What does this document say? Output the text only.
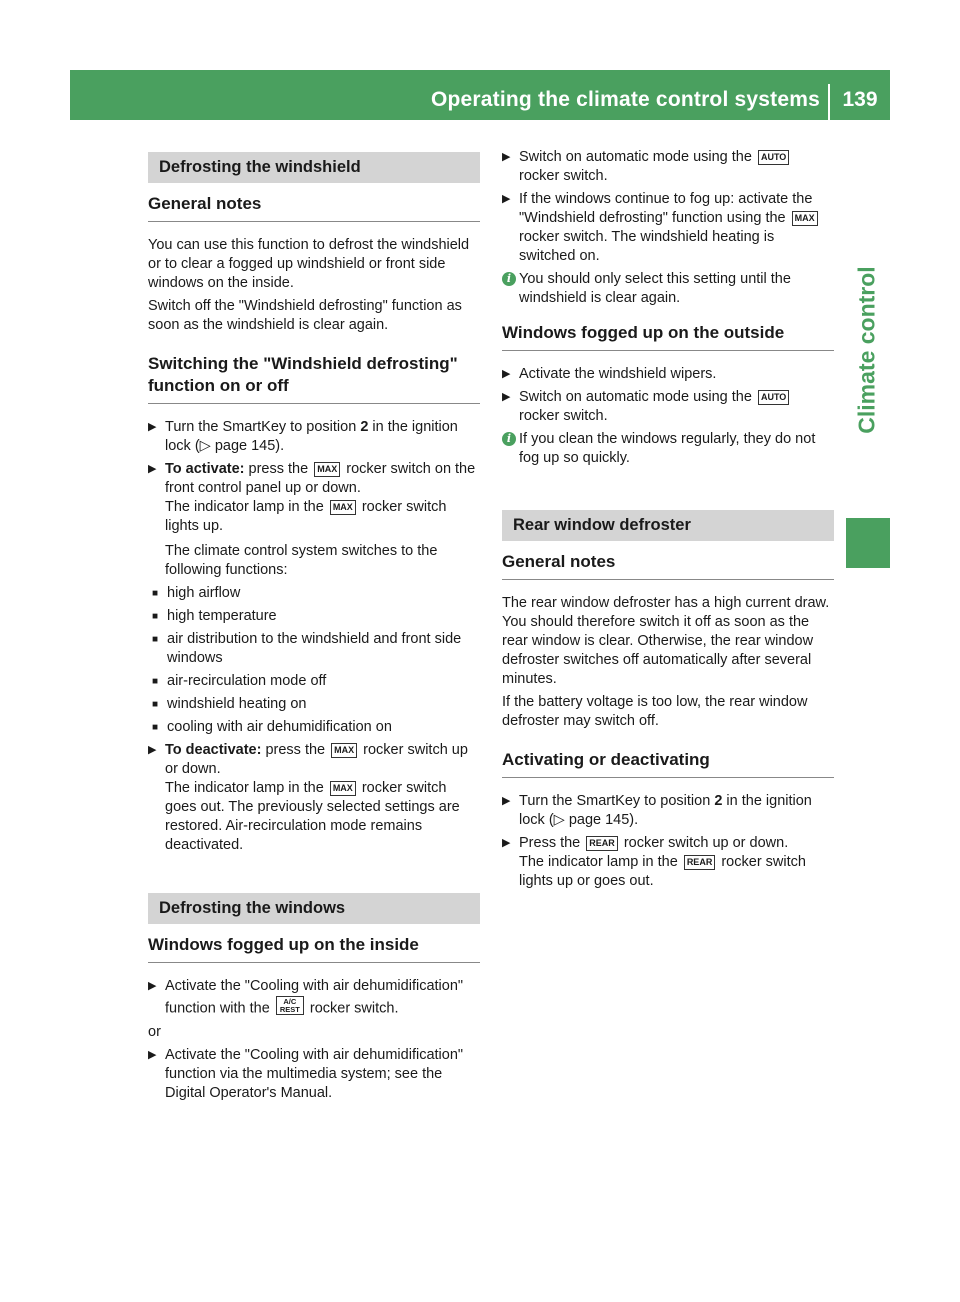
Operating the climate control systems	139
Climate control
Defrosting the windshield
General notes

You can use this function to defrost the windshield or to clear a fogged up windshield or front side windows on the inside.

Switch off the "Windshield defrosting" function as soon as the windshield is clear again.

Switching the "Windshield defrosting" function on or off
▶ Turn the SmartKey to position 2 in the ignition lock (▷ page 145).
▶ To activate: press the MAX rocker switch on the front control panel up or down.
The indicator lamp in the MAX rocker switch lights up.
The climate control system switches to the following functions:
■ high airflow
■ high temperature
■ air distribution to the windshield and front side windows
■ air-recirculation mode off
■ windshield heating on
■ cooling with air dehumidification on
▶ To deactivate: press the MAX rocker switch up or down.
The indicator lamp in the MAX rocker switch goes out. The previously selected settings are restored. Air-recirculation mode remains deactivated.
Defrosting the windows
Windows fogged up on the inside
▶ Activate the "Cooling with air dehumidification" function with the A/C
REST rocker switch.

or

▶ Activate the "Cooling with air dehumidification" function via the multimedia system; see the Digital Operator's Manual.
▶ Switch on automatic mode using the AUTO rocker switch.
▶ If the windows continue to fog up: activate the "Windshield defrosting" function using the MAX rocker switch. The windshield heating is switched on.
i You should only select this setting until the windshield is clear again.
Windows fogged up on the outside
▶ Activate the windshield wipers.
▶ Switch on automatic mode using the AUTO rocker switch.
i If you clean the windows regularly, they do not fog up so quickly.
Rear window defroster
General notes

The rear window defroster has a high current draw. You should therefore switch it off as soon as the rear window is clear. Otherwise, the rear window defroster switches off automatically after several minutes.

If the battery voltage is too low, the rear window defroster may switch off.

Activating or deactivating
▶ Turn the SmartKey to position 2 in the ignition lock (▷ page 145).
▶ Press the REAR rocker switch up or down.
The indicator lamp in the REAR rocker switch lights up or goes out.
